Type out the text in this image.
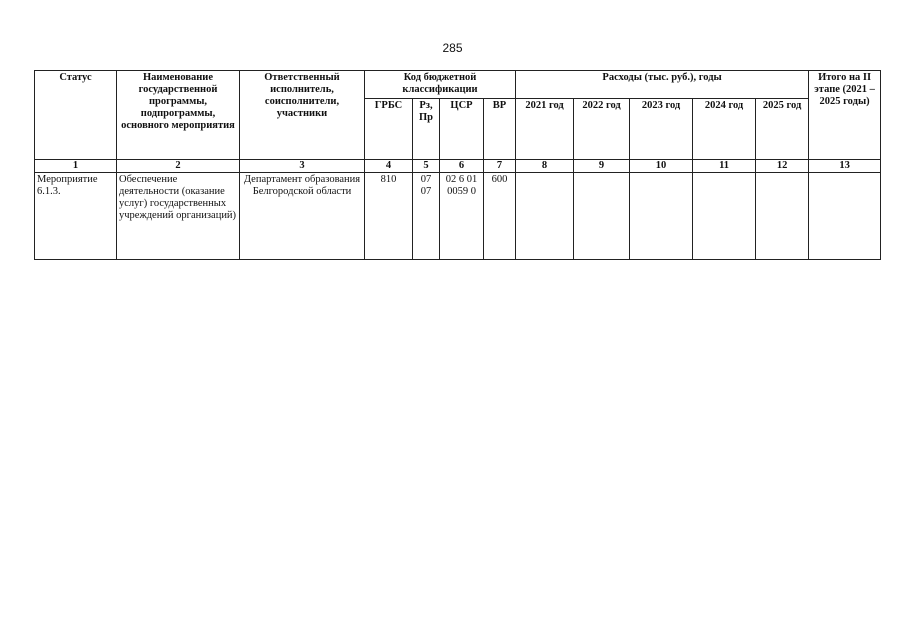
285
Статус	Наименование государственной программы, подпрограммы, основного мероприятия	Ответственный исполнитель, соисполнители, участники	Код бюджетной классификации				Расходы (тыс. руб.), годы					Итого на II этапе (2021 – 2025 годы)
			ГРБС	Рз, Пр	ЦСР	ВР	2021 год	2022 год	2023 год	2024 год	2025 год	
1	2	3	4	5	6	7	8	9	10	11	12	13
Мероприятие 6.1.3.	Обеспечение деятельности (оказание услуг) государственных учреждений организаций)	Департамент образования Белгородской области	810	07 07	02 6 01 0059 0	600						
